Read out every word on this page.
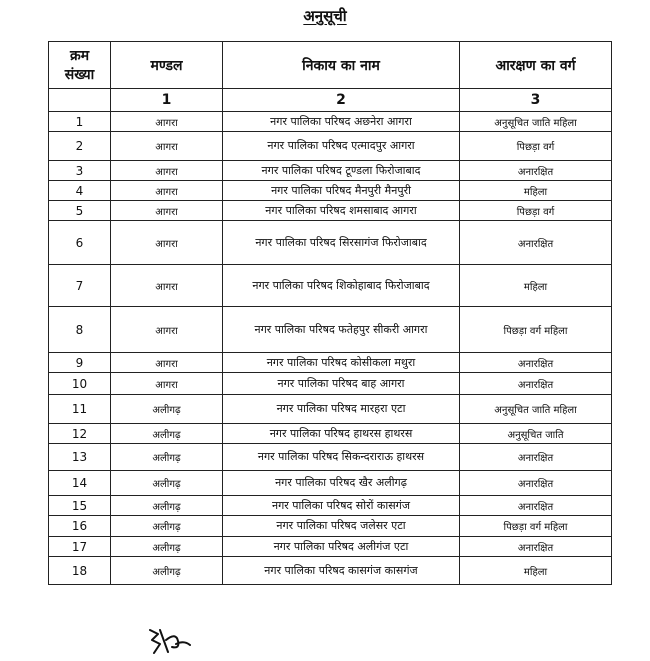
अनुसूची
क्रम संख्या	मण्डल	निकाय का नाम	आरक्षण का वर्ग
	1	2	3
1	आगरा	नगर पालिका परिषद अछनेरा आगरा	अनुसूचित जाति महिला
2	आगरा	नगर पालिका परिषद एत्मादपुर आगरा	पिछड़ा वर्ग
3	आगरा	नगर पालिका परिषद टूण्डला फिरोजाबाद	अनारक्षित
4	आगरा	नगर पालिका परिषद मैनपुरी मैनपुरी	महिला
5	आगरा	नगर पालिका परिषद शमसाबाद आगरा	पिछड़ा वर्ग
6	आगरा	नगर पालिका परिषद सिरसागंज फिरोजाबाद	अनारक्षित
7	आगरा	नगर पालिका परिषद शिकोहाबाद फिरोजाबाद	महिला
8	आगरा	नगर पालिका परिषद फतेहपुर सीकरी आगरा	पिछड़ा वर्ग महिला
9	आगरा	नगर पालिका परिषद कोसीकला मथुरा	अनारक्षित
10	आगरा	नगर पालिका परिषद बाह आगरा	अनारक्षित
11	अलीगढ़	नगर पालिका परिषद मारहरा एटा	अनुसूचित जाति महिला
12	अलीगढ़	नगर पालिका परिषद हाथरस हाथरस	अनुसूचित जाति
13	अलीगढ़	नगर पालिका परिषद सिकन्दराराऊ हाथरस	अनारक्षित
14	अलीगढ़	नगर पालिका परिषद खैर अलीगढ़	अनारक्षित
15	अलीगढ़	नगर पालिका परिषद सोरों कासगंज	अनारक्षित
16	अलीगढ़	नगर पालिका परिषद जलेसर एटा	पिछड़ा वर्ग महिला
17	अलीगढ़	नगर पालिका परिषद अलीगंज एटा	अनारक्षित
18	अलीगढ़	नगर पालिका परिषद कासगंज कासगंज	महिला
